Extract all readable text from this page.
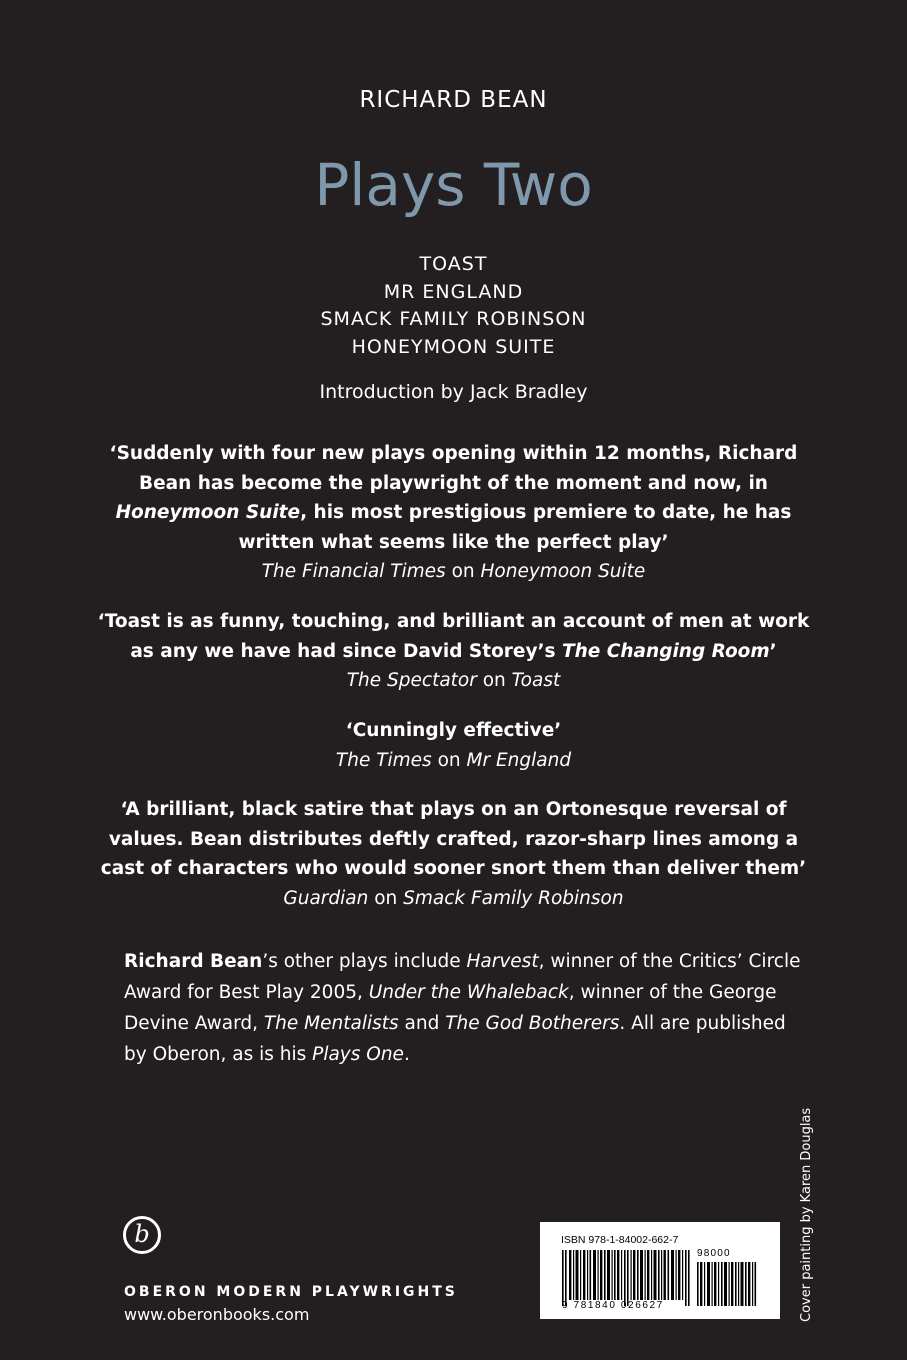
RICHARD BEAN
Plays Two
TOAST
MR ENGLAND
SMACK FAMILY ROBINSON
HONEYMOON SUITE
Introduction by Jack Bradley
‘Suddenly with four new plays opening within 12 months, Richard
Bean has become the playwright of the moment and now, in
Honeymoon Suite, his most prestigious premiere to date, he has
written what seems like the perfect play’
The Financial Times on Honeymoon Suite
‘Toast is as funny, touching, and brilliant an account of men at work
as any we have had since David Storey’s The Changing Room’
The Spectator on Toast
‘Cunningly effective’
The Times on Mr England
‘A brilliant, black satire that plays on an Ortonesque reversal of
values. Bean distributes deftly crafted, razor-sharp lines among a
cast of characters who would sooner snort them than deliver them’
Guardian on Smack Family Robinson
Richard Bean’s other plays include Harvest, winner of the Critics’ Circle
Award for Best Play 2005, Under the Whaleback, winner of the George
Devine Award, The Mentalists and The God Botherers. All are published
by Oberon, as is his Plays One.
b
OBERON MODERN PLAYWRIGHTS
www.oberonbooks.com
ISBN 978-1-84002-662-7
98000
9 781840 026627	Cover painting by Karen Douglas
